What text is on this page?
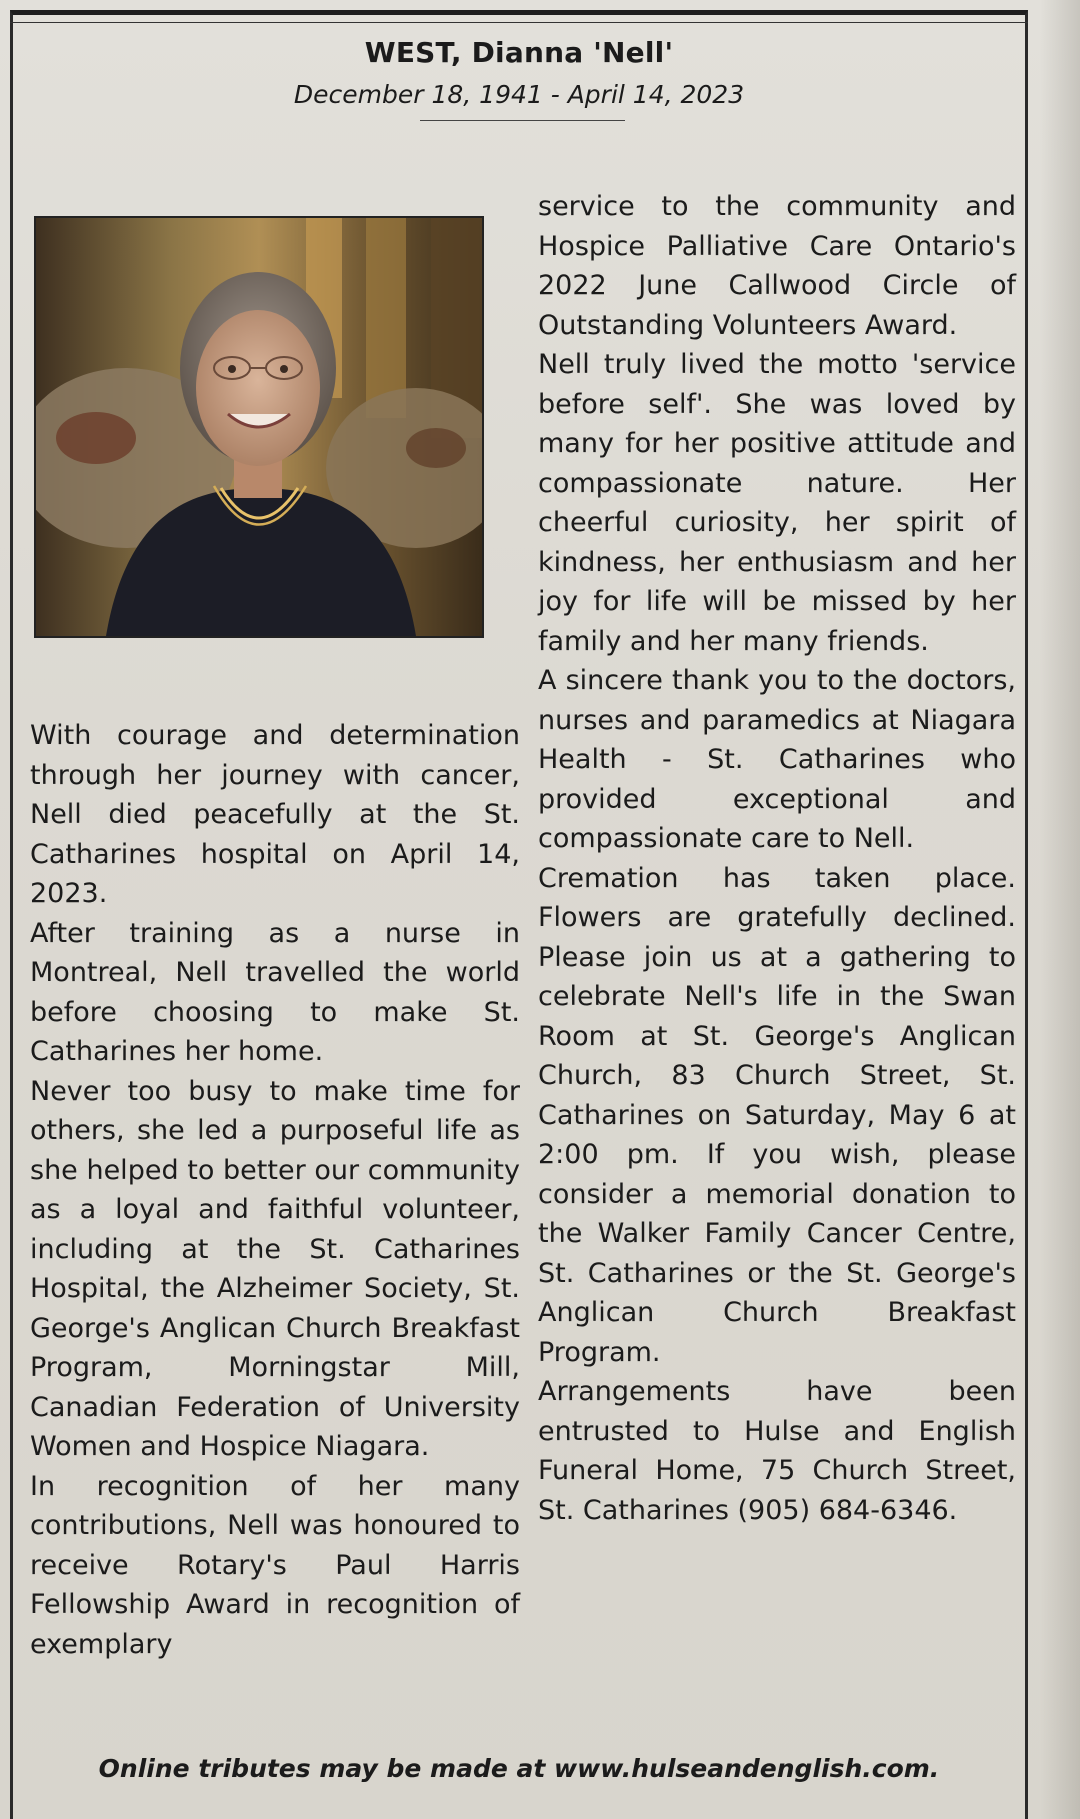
WEST, Dianna 'Nell'
December 18, 1941 - April 14, 2023

With courage and determination through her journey with cancer, Nell died peacefully at the St. Catharines hospital on April 14, 2023.

After training as a nurse in Montreal, Nell travelled the world before choosing to make St. Catharines her home.

Never too busy to make time for others, she led a purposeful life as she helped to better our community as a loyal and faithful volunteer, including at the St. Catharines Hospital, the Alzheimer Society, St. George's Anglican Church Breakfast Program, Morningstar Mill, Canadian Federation of University Women and Hospice Niagara.

In recognition of her many contributions, Nell was honoured to receive Rotary's Paul Harris Fellowship Award in recognition of exemplary

service to the community and Hospice Palliative Care Ontario's 2022 June Callwood Circle of Outstanding Volunteers Award.

Nell truly lived the motto 'service before self'. She was loved by many for her positive attitude and compassionate nature. Her cheerful curiosity, her spirit of kindness, her enthusiasm and her joy for life will be missed by her family and her many friends.

A sincere thank you to the doctors, nurses and paramedics at Niagara Health - St. Catharines who provided exceptional and compassionate care to Nell.

Cremation has taken place. Flowers are gratefully declined. Please join us at a gathering to celebrate Nell's life in the Swan Room at St. George's Anglican Church, 83 Church Street, St. Catharines on Saturday, May 6 at 2:00 pm. If you wish, please consider a memorial donation to the Walker Family Cancer Centre, St. Catharines or the St. George's Anglican Church Breakfast Program.

Arrangements have been entrusted to Hulse and English Funeral Home, 75 Church Street, St. Catharines (905) 684-6346.

Online tributes may be made at www.hulseandenglish.com.
